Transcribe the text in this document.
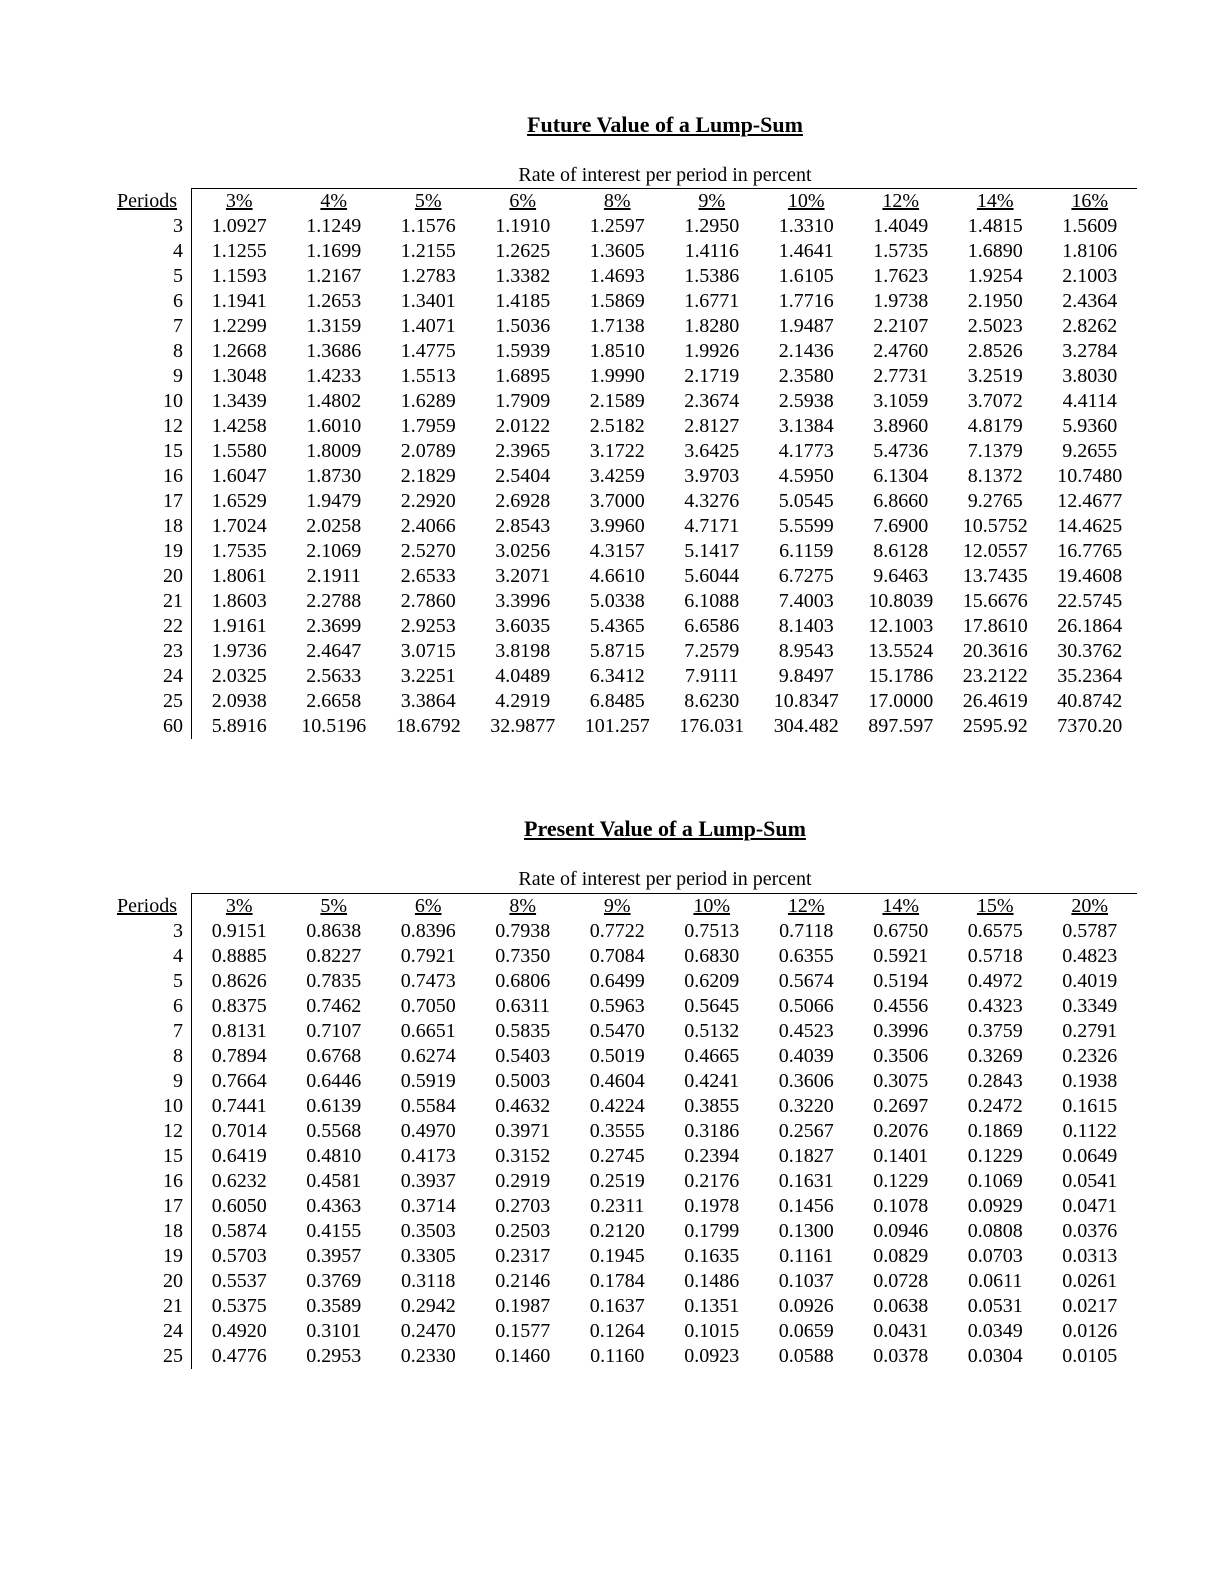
Future Value of a Lump-Sum
Rate of interest per period in percent
Periods	3%	4%	5%	6%	8%	9%	10%	12%	14%	16%
3	1.0927	1.1249	1.1576	1.1910	1.2597	1.2950	1.3310	1.4049	1.4815	1.5609
4	1.1255	1.1699	1.2155	1.2625	1.3605	1.4116	1.4641	1.5735	1.6890	1.8106
5	1.1593	1.2167	1.2783	1.3382	1.4693	1.5386	1.6105	1.7623	1.9254	2.1003
6	1.1941	1.2653	1.3401	1.4185	1.5869	1.6771	1.7716	1.9738	2.1950	2.4364
7	1.2299	1.3159	1.4071	1.5036	1.7138	1.8280	1.9487	2.2107	2.5023	2.8262
8	1.2668	1.3686	1.4775	1.5939	1.8510	1.9926	2.1436	2.4760	2.8526	3.2784
9	1.3048	1.4233	1.5513	1.6895	1.9990	2.1719	2.3580	2.7731	3.2519	3.8030
10	1.3439	1.4802	1.6289	1.7909	2.1589	2.3674	2.5938	3.1059	3.7072	4.4114
12	1.4258	1.6010	1.7959	2.0122	2.5182	2.8127	3.1384	3.8960	4.8179	5.9360
15	1.5580	1.8009	2.0789	2.3965	3.1722	3.6425	4.1773	5.4736	7.1379	9.2655
16	1.6047	1.8730	2.1829	2.5404	3.4259	3.9703	4.5950	6.1304	8.1372	10.7480
17	1.6529	1.9479	2.2920	2.6928	3.7000	4.3276	5.0545	6.8660	9.2765	12.4677
18	1.7024	2.0258	2.4066	2.8543	3.9960	4.7171	5.5599	7.6900	10.5752	14.4625
19	1.7535	2.1069	2.5270	3.0256	4.3157	5.1417	6.1159	8.6128	12.0557	16.7765
20	1.8061	2.1911	2.6533	3.2071	4.6610	5.6044	6.7275	9.6463	13.7435	19.4608
21	1.8603	2.2788	2.7860	3.3996	5.0338	6.1088	7.4003	10.8039	15.6676	22.5745
22	1.9161	2.3699	2.9253	3.6035	5.4365	6.6586	8.1403	12.1003	17.8610	26.1864
23	1.9736	2.4647	3.0715	3.8198	5.8715	7.2579	8.9543	13.5524	20.3616	30.3762
24	2.0325	2.5633	3.2251	4.0489	6.3412	7.9111	9.8497	15.1786	23.2122	35.2364
25	2.0938	2.6658	3.3864	4.2919	6.8485	8.6230	10.8347	17.0000	26.4619	40.8742
60	5.8916	10.5196	18.6792	32.9877	101.257	176.031	304.482	897.597	2595.92	7370.20
Present Value of a Lump-Sum
Rate of interest per period in percent
Periods	3%	5%	6%	8%	9%	10%	12%	14%	15%	20%
3	0.9151	0.8638	0.8396	0.7938	0.7722	0.7513	0.7118	0.6750	0.6575	0.5787
4	0.8885	0.8227	0.7921	0.7350	0.7084	0.6830	0.6355	0.5921	0.5718	0.4823
5	0.8626	0.7835	0.7473	0.6806	0.6499	0.6209	0.5674	0.5194	0.4972	0.4019
6	0.8375	0.7462	0.7050	0.6311	0.5963	0.5645	0.5066	0.4556	0.4323	0.3349
7	0.8131	0.7107	0.6651	0.5835	0.5470	0.5132	0.4523	0.3996	0.3759	0.2791
8	0.7894	0.6768	0.6274	0.5403	0.5019	0.4665	0.4039	0.3506	0.3269	0.2326
9	0.7664	0.6446	0.5919	0.5003	0.4604	0.4241	0.3606	0.3075	0.2843	0.1938
10	0.7441	0.6139	0.5584	0.4632	0.4224	0.3855	0.3220	0.2697	0.2472	0.1615
12	0.7014	0.5568	0.4970	0.3971	0.3555	0.3186	0.2567	0.2076	0.1869	0.1122
15	0.6419	0.4810	0.4173	0.3152	0.2745	0.2394	0.1827	0.1401	0.1229	0.0649
16	0.6232	0.4581	0.3937	0.2919	0.2519	0.2176	0.1631	0.1229	0.1069	0.0541
17	0.6050	0.4363	0.3714	0.2703	0.2311	0.1978	0.1456	0.1078	0.0929	0.0471
18	0.5874	0.4155	0.3503	0.2503	0.2120	0.1799	0.1300	0.0946	0.0808	0.0376
19	0.5703	0.3957	0.3305	0.2317	0.1945	0.1635	0.1161	0.0829	0.0703	0.0313
20	0.5537	0.3769	0.3118	0.2146	0.1784	0.1486	0.1037	0.0728	0.0611	0.0261
21	0.5375	0.3589	0.2942	0.1987	0.1637	0.1351	0.0926	0.0638	0.0531	0.0217
24	0.4920	0.3101	0.2470	0.1577	0.1264	0.1015	0.0659	0.0431	0.0349	0.0126
25	0.4776	0.2953	0.2330	0.1460	0.1160	0.0923	0.0588	0.0378	0.0304	0.0105
